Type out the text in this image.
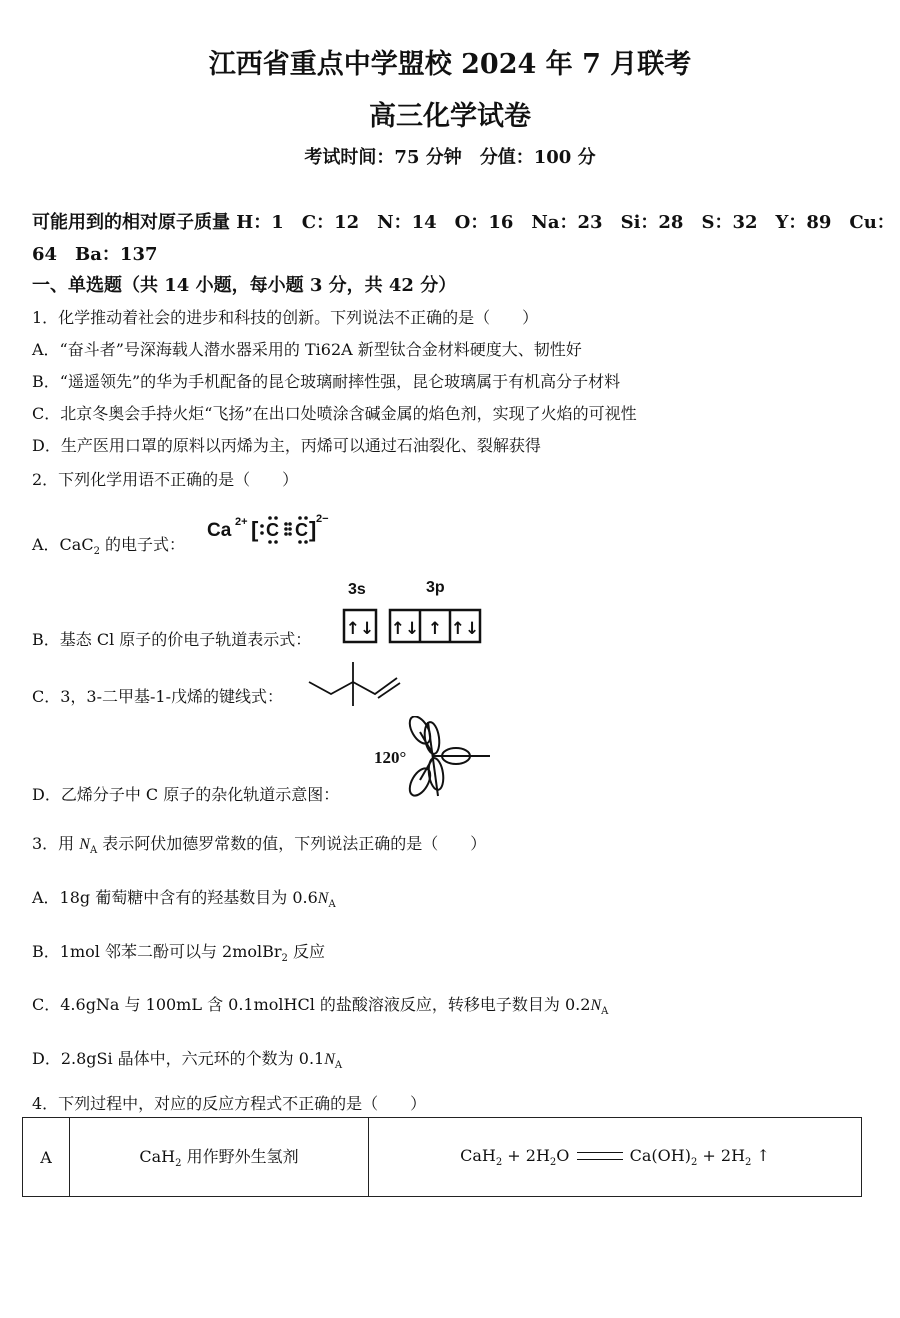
江西省重点中学盟校 2024 年 7 月联考
高三化学试卷
考试时间：75 分钟　分值：100 分
可能用到的相对原子质量 H：1　C：12　N：14　O：16　Na：23　Si：28　S：32　Y：89　Cu：
64　Ba：137
一、单选题（共 14 小题，每小题 3 分，共 42 分）
1．化学推动着社会的进步和科技的创新。下列说法不正确的是（　　）
A．“奋斗者”号深海载人潜水器采用的 Ti62A 新型钛合金材料硬度大、韧性好
B．“遥遥领先”的华为手机配备的昆仑玻璃耐摔性强，昆仑玻璃属于有机高分子材料
C．北京冬奥会手持火炬“飞扬”在出口处喷涂含碱金属的焰色剂，实现了火焰的可视性
D．生产医用口罩的原料以丙烯为主，丙烯可以通过石油裂化、裂解获得
2．下列化学用语不正确的是（　　）
A．CaC$_2$ 的电子式：
Ca 2+ [ C C ] 2−
B．基态 Cl 原子的价电子轨道表示式：
3s	3p
↑↓ ↑↓ ↑ ↑↓
C．3，3-二甲基-1-戊烯的键线式：
D．乙烯分子中 C 原子的杂化轨道示意图：
120°
3．用 $N_A$ 表示阿伏加德罗常数的值，下列说法正确的是（　　）
A．18g 葡萄糖中含有的羟基数目为 $0.6N_A$
B．1mol 邻苯二酚可以与 2molBr$_2$ 反应
C．4.6gNa 与 100mL 含 0.1molHCl 的盐酸溶液反应，转移电子数目为 $0.2N_A$
D．2.8gSi 晶体中，六元环的个数为 $0.1N_A$
4．下列过程中，对应的反应方程式不正确的是（　　）
A	CaH$_2$ 用作野外生氢剂	$CaH_2 + 2H_2O$	$Ca(OH)_2 + 2H_2$ ↑
